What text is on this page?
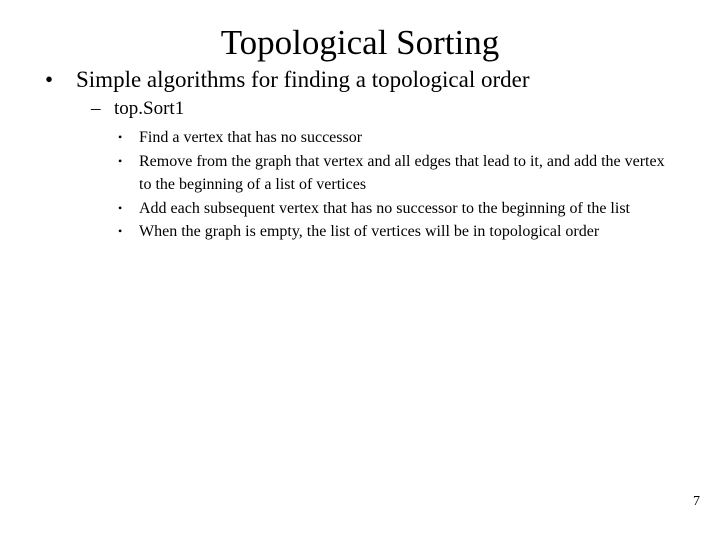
Topological Sorting
• Simple algorithms for finding a topological order
– top.Sort1
• Find a vertex that has no successor
• Remove from the graph that vertex and all edges that lead to it, and add the vertex to the beginning of a list of vertices
• Add each subsequent vertex that has no successor to the beginning of the list
• When the graph is empty, the list of vertices will be in topological order
7
